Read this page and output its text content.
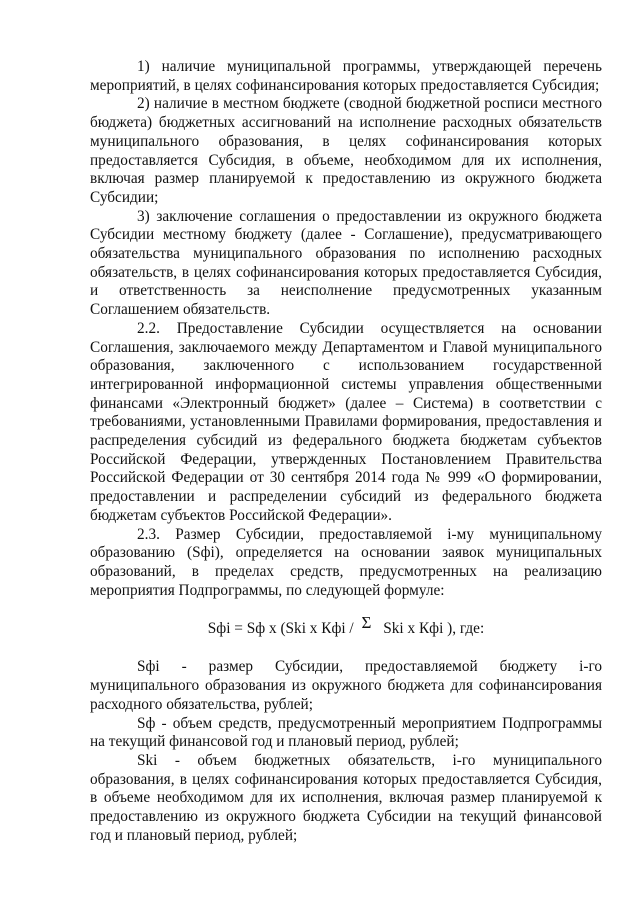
1) наличие муниципальной программы, утверждающей перечень мероприятий, в целях софинансирования которых предоставляется Субсидия;

2) наличие в местном бюджете (сводной бюджетной росписи местного бюджета) бюджетных ассигнований на исполнение расходных обязательств муниципального образования, в целях софинансирования которых предоставляется Субсидия, в объеме, необходимом для их исполнения, включая размер планируемой к предоставлению из окружного бюджета Субсидии;

3) заключение соглашения о предоставлении из окружного бюджета Субсидии местному бюджету (далее - Соглашение), предусматривающего обязательства муниципального образования по исполнению расходных обязательств, в целях софинансирования которых предоставляется Субсидия, и ответственность за неисполнение предусмотренных указанным Соглашением обязательств.

2.2. Предоставление Субсидии осуществляется на основании Соглашения, заключаемого между Департаментом и Главой муниципального образования, заключенного с использованием государственной интегрированной информационной системы управления общественными финансами «Электронный бюджет» (далее – Система) в соответствии с требованиями, установленными Правилами формирования, предоставления и распределения субсидий из федерального бюджета бюджетам субъектов Российской Федерации, утвержденных Постановлением Правительства Российской Федерации от 30 сентября 2014 года № 999 «О формировании, предоставлении и распределении субсидий из федерального бюджета бюджетам субъектов Российской Федерации».

2.3. Размер Субсидии, предоставляемой i-му муниципальному образованию (Sфi), определяется на основании заявок муниципальных образований, в пределах средств, предусмотренных на реализацию мероприятия Подпрограммы, по следующей формуле:

Sфi = Sф x (Ski x Кфi / Σ Ski x Кфi ), где:

Sфi - размер Субсидии, предоставляемой бюджету i-го муниципального образования из окружного бюджета для софинансирования расходного обязательства, рублей;

Sф - объем средств, предусмотренный мероприятием Подпрограммы на текущий финансовой год и плановый период, рублей;

Ski - объем бюджетных обязательств, i-го муниципального образования, в целях софинансирования которых предоставляется Субсидия, в объеме необходимом для их исполнения, включая размер планируемой к предоставлению из окружного бюджета Субсидии на текущий финансовой год и плановый период, рублей;
